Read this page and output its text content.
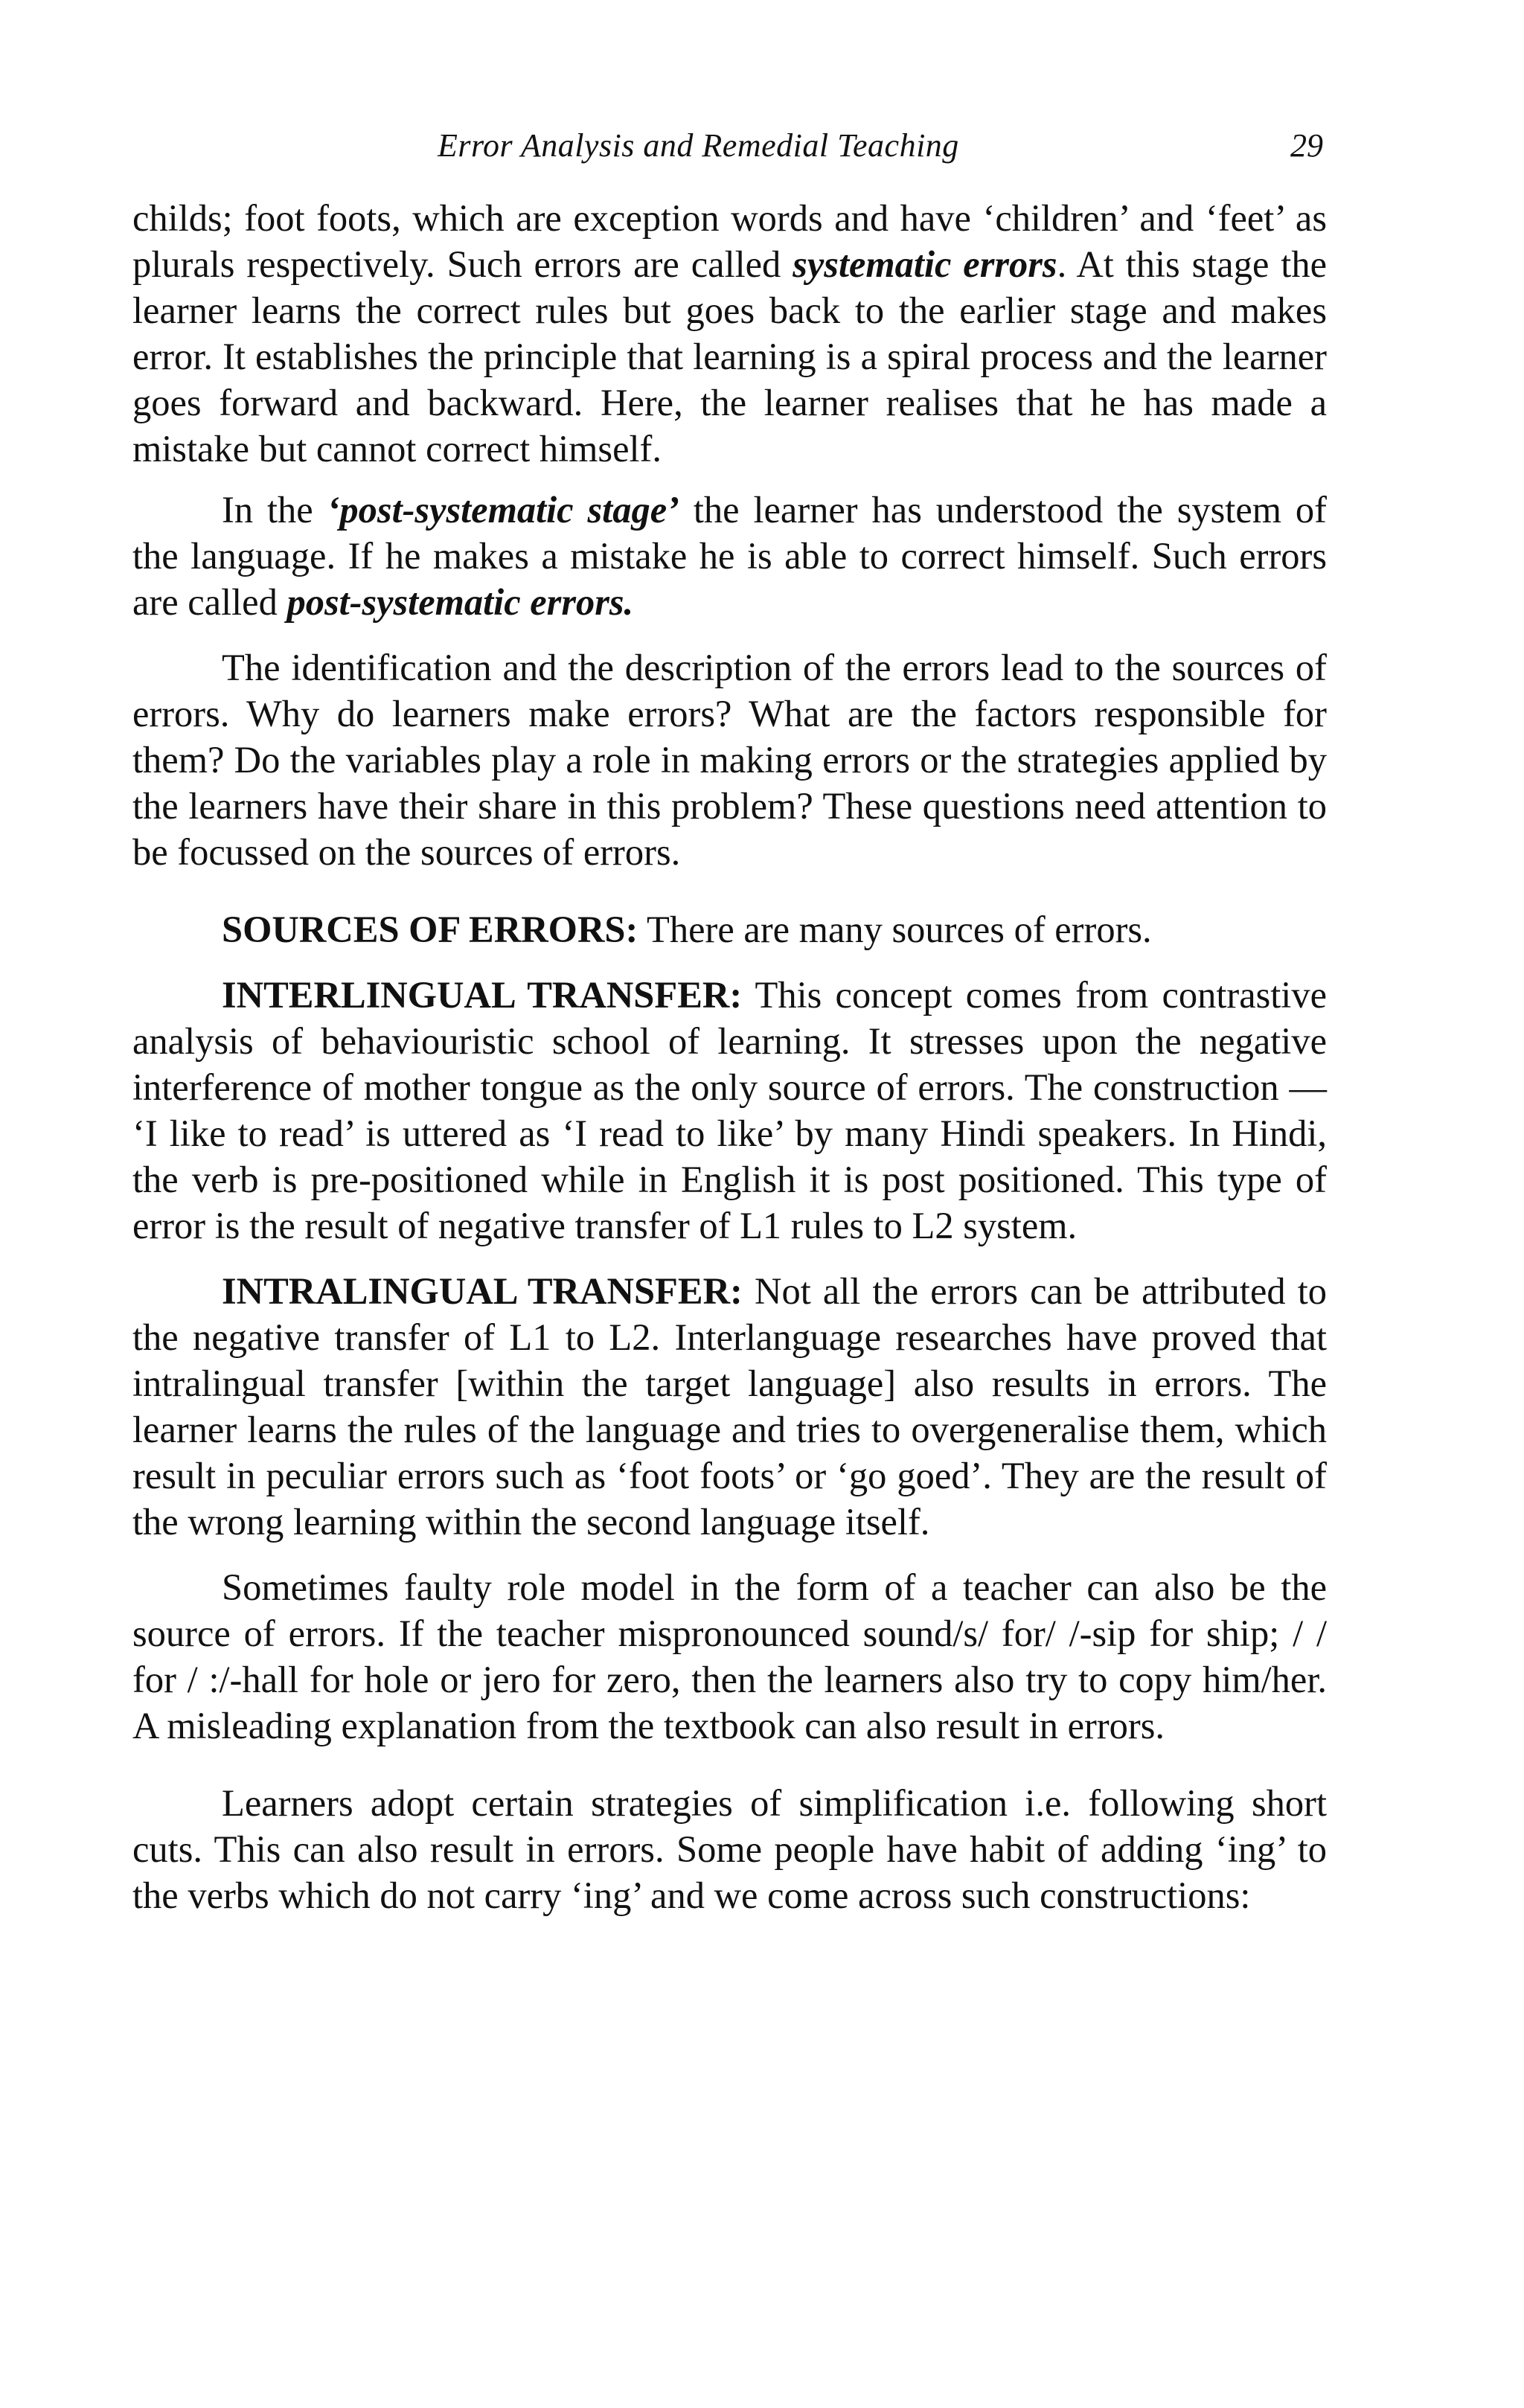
Error Analysis and Remedial Teaching	29

childs; foot foots, which are exception words and have ‘children’ and ‘feet’ as plurals respectively. Such errors are called systematic errors. At this stage the learner learns the correct rules but goes back to the earlier stage and makes error. It establishes the principle that learning is a spiral process and the learner goes forward and backward. Here, the learner realises that he has made a mistake but cannot correct himself.

In the ‘post-systematic stage’ the learner has understood the system of the language. If he makes a mistake he is able to correct himself. Such errors are called post-systematic errors.

The identification and the description of the errors lead to the sources of errors. Why do learners make errors? What are the factors responsible for them? Do the variables play a role in making errors or the strategies applied by the learners have their share in this problem? These questions need attention to be focussed on the sources of errors.

SOURCES OF ERRORS: There are many sources of errors.

INTERLINGUAL TRANSFER: This concept comes from contrastive analysis of behaviouristic school of learning. It stresses upon the negative interference of mother tongue as the only source of errors. The construction — ‘I like to read’ is uttered as ‘I read to like’ by many Hindi speakers. In Hindi, the verb is pre-positioned while in English it is post positioned. This type of error is the result of negative transfer of L1 rules to L2 system.

INTRALINGUAL TRANSFER: Not all the errors can be attributed to the negative transfer of L1 to L2. Interlanguage researches have proved that intralingual transfer [within the target language] also results in errors. The learner learns the rules of the language and tries to overgeneralise them, which result in peculiar errors such as ‘foot foots’ or ‘go goed’. They are the result of the wrong learning within the second language itself.

Sometimes faulty role model in the form of a teacher can also be the source of errors. If the teacher mispronounced sound/s/ for/ /-sip for ship; / / for / :/-hall for hole or jero for zero, then the learners also try to copy him/her. A misleading explanation from the textbook can also result in errors.

Learners adopt certain strategies of simplification i.e. following short cuts. This can also result in errors. Some people have habit of adding ‘ing’ to the verbs which do not carry ‘ing’ and we come across such constructions:
